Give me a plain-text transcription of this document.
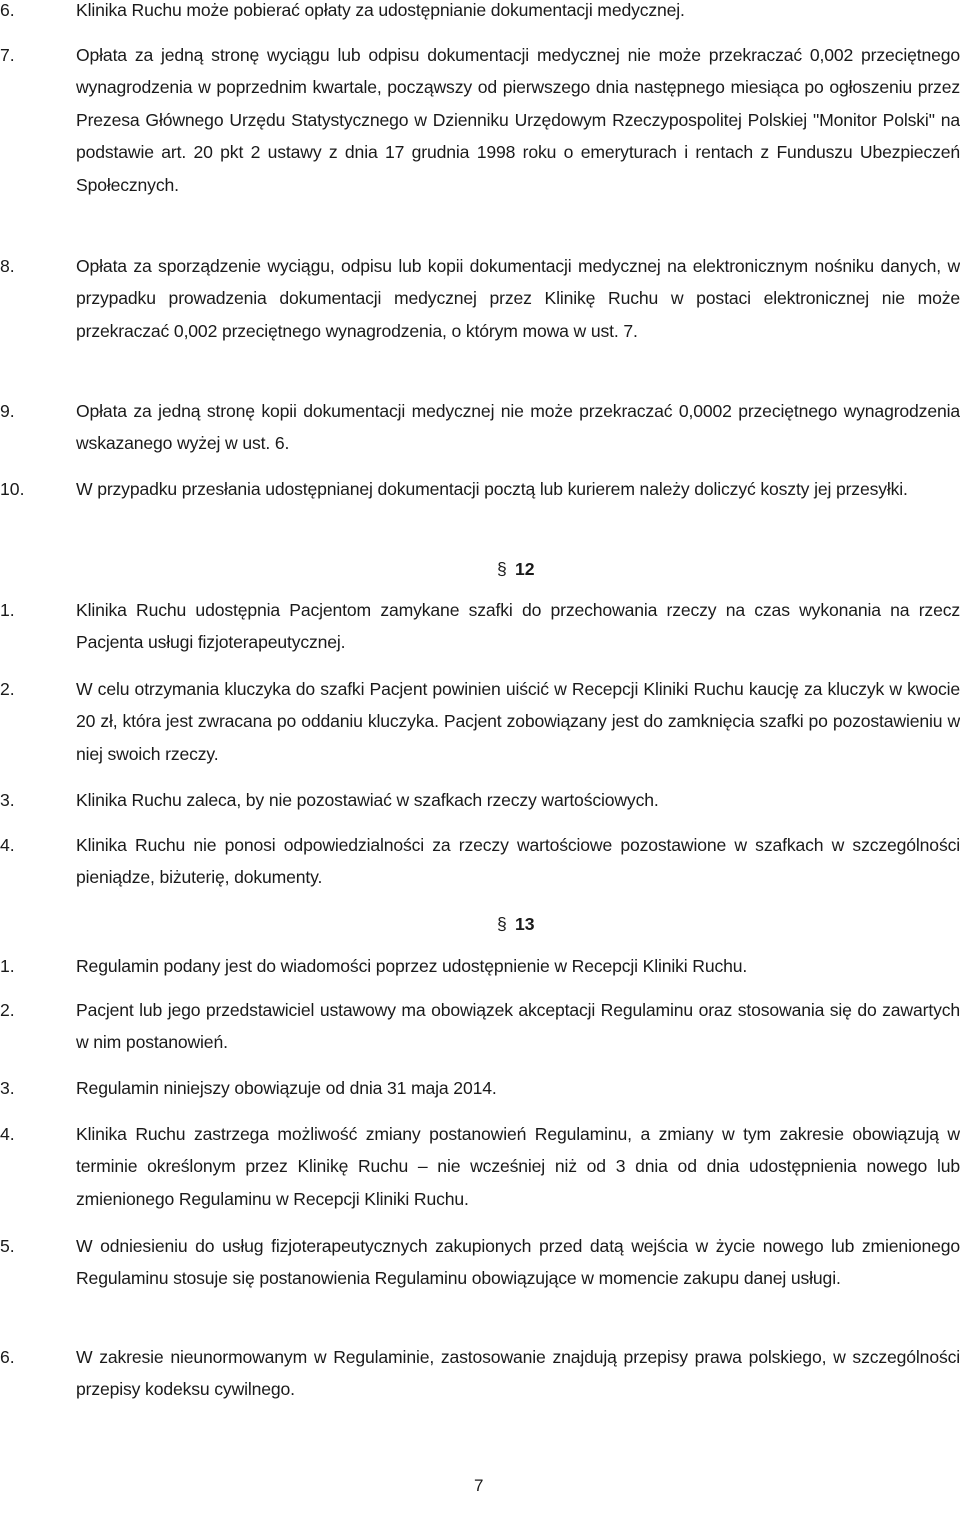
6.	Klinika Ruchu może pobierać opłaty za udostępnianie dokumentacji medycznej.
7.	Opłata za jedną stronę wyciągu lub odpisu dokumentacji medycznej nie może przekraczać 0,002 przeciętnego wynagrodzenia w poprzednim kwartale, począwszy od pierwszego dnia następnego miesiąca po ogłoszeniu przez Prezesa Głównego Urzędu Statystycznego w Dzienniku Urzędowym Rzeczypospolitej Polskiej "Monitor Polski" na podstawie art. 20 pkt 2 ustawy z dnia 17 grudnia 1998 roku o emeryturach i rentach z Funduszu Ubezpieczeń Społecznych.
8.	Opłata za sporządzenie wyciągu, odpisu lub kopii dokumentacji medycznej na elektronicznym nośniku danych, w przypadku prowadzenia dokumentacji medycznej przez Klinikę Ruchu w postaci elektronicznej nie może przekraczać 0,002 przeciętnego wynagrodzenia, o którym mowa w ust. 7.
9.	Opłata za jedną stronę kopii dokumentacji medycznej nie może przekraczać 0,0002 przeciętnego wynagrodzenia wskazanego wyżej w ust. 6.
10.	W przypadku przesłania udostępnianej dokumentacji pocztą lub kurierem należy doliczyć koszty jej przesyłki.
§ 12
1.	Klinika Ruchu udostępnia Pacjentom zamykane szafki do przechowania rzeczy na czas wykonania na rzecz Pacjenta usługi fizjoterapeutycznej.
2.	W celu otrzymania kluczyka do szafki Pacjent powinien uiścić w Recepcji Kliniki Ruchu kaucję za kluczyk w kwocie 20 zł, która jest zwracana po oddaniu kluczyka. Pacjent zobowiązany jest do zamknięcia szafki po pozostawieniu w niej swoich rzeczy.
3.	Klinika Ruchu zaleca, by nie pozostawiać w szafkach rzeczy wartościowych.
4.	Klinika Ruchu nie ponosi odpowiedzialności za rzeczy wartościowe pozostawione w szafkach w szczególności pieniądze, biżuterię, dokumenty.
§ 13
1.	Regulamin podany jest do wiadomości poprzez udostępnienie w Recepcji Kliniki Ruchu.
2.	Pacjent lub jego przedstawiciel ustawowy ma obowiązek akceptacji Regulaminu oraz stosowania się do zawartych w nim postanowień.
3.	Regulamin niniejszy obowiązuje od dnia 31 maja 2014.
4.	Klinika Ruchu zastrzega możliwość zmiany postanowień Regulaminu, a zmiany w tym zakresie obowiązują w terminie określonym przez Klinikę Ruchu – nie wcześniej niż od 3 dnia od dnia udostępnienia nowego lub zmienionego Regulaminu w Recepcji Kliniki Ruchu.
5.	W odniesieniu do usług fizjoterapeutycznych zakupionych przed datą wejścia w życie nowego lub zmienionego Regulaminu stosuje się postanowienia Regulaminu obowiązujące w momencie zakupu danej usługi.
6.	W zakresie nieunormowanym w Regulaminie, zastosowanie znajdują przepisy prawa polskiego, w szczególności przepisy kodeksu cywilnego.
7
